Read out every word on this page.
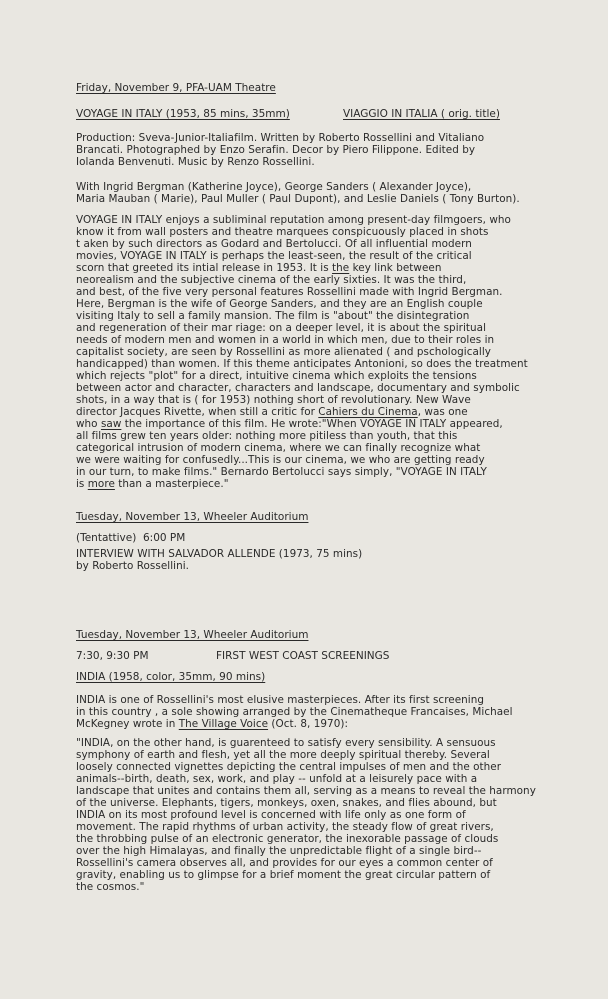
Friday, November 9, PFA-UAM Theatre
VOYAGE IN ITALY (1953, 85 mins, 35mm)	VIAGGIO IN ITALIA ( orig. title)
Production: Sveva-Junior-Italiafilm. Written by Roberto Rossellini and Vitaliano
Brancati. Photographed by Enzo Serafin. Decor by Piero Filippone. Edited by
Iolanda Benvenuti. Music by Renzo Rossellini.
With Ingrid Bergman (Katherine Joyce), George Sanders ( Alexander Joyce),
Maria Mauban ( Marie), Paul Muller ( Paul Dupont), and Leslie Daniels ( Tony Burton).
VOYAGE IN ITALY enjoys a subliminal reputation among present-day filmgoers, who
know it from wall posters and theatre marquees conspicuously placed in shots
t aken by such directors as Godard and Bertolucci. Of all influential modern
movies, VOYAGE IN ITALY is perhaps the least-seen, the result of the critical
scorn that greeted its intial release in 1953. It is the key link between
neorealism and the subjective cinema of the early sixties. It was the third,
and best, of the five very personal features Rossellini made with Ingrid Bergman.
Here, Bergman is the wife of George Sanders, and they are an English couple
visiting Italy to sell a family mansion. The film is "about" the disintegration
and regeneration of their mar riage: on a deeper level, it is about the spiritual
needs of modern men and women in a world in which men, due to their roles in
capitalist society, are seen by Rossellini as more alienated ( and pschologically
handicapped) than women. If this theme anticipates Antonioni, so does the treatment
which rejects "plot" for a direct, intuitive cinema which exploits the tensions
between actor and character, characters and landscape, documentary and symbolic
shots, in a way that is ( for 1953) nothing short of revolutionary. New Wave
director Jacques Rivette, when still a critic for Cahiers du Cinema, was one
who saw the importance of this film. He wrote:"When VOYAGE IN ITALY appeared,
all films grew ten years older: nothing more pitiless than youth, that this
categorical intrusion of modern cinema, where we can finally recognize what
we were waiting for confusedly...This is our cinema, we who are getting ready
in our turn, to make films." Bernardo Bertolucci says simply, "VOYAGE IN ITALY
is more than a masterpiece."
Tuesday, November 13, Wheeler Auditorium
(Tentattive)  6:00 PM
INTERVIEW WITH SALVADOR ALLENDE (1973, 75 mins)
by Roberto Rossellini.
Tuesday, November 13, Wheeler Auditorium
7:30, 9:30 PM	FIRST WEST COAST SCREENINGS
INDIA (1958, color, 35mm, 90 mins)
INDIA is one of Rossellini's most elusive masterpieces. After its first screening
in this country , a sole showing arranged by the Cinematheque Francaises, Michael
McKegney wrote in The Village Voice (Oct. 8, 1970):
"INDIA, on the other hand, is guarenteed to satisfy every sensibility. A sensuous
symphony of earth and flesh, yet all the more deeply spiritual thereby. Several
loosely connected vignettes depicting the central impulses of men and the other
animals--birth, death, sex, work, and play -- unfold at a leisurely pace with a
landscape that unites and contains them all, serving as a means to reveal the harmony
of the universe. Elephants, tigers, monkeys, oxen, snakes, and flies abound, but
INDIA on its most profound level is concerned with life only as one form of
movement. The rapid rhythms of urban activity, the steady flow of great rivers,
the throbbing pulse of an electronic generator, the inexorable passage of clouds
over the high Himalayas, and finally the unpredictable flight of a single bird--
Rossellini's camera observes all, and provides for our eyes a common center of
gravity, enabling us to glimpse for a brief moment the great circular pattern of
the cosmos."
